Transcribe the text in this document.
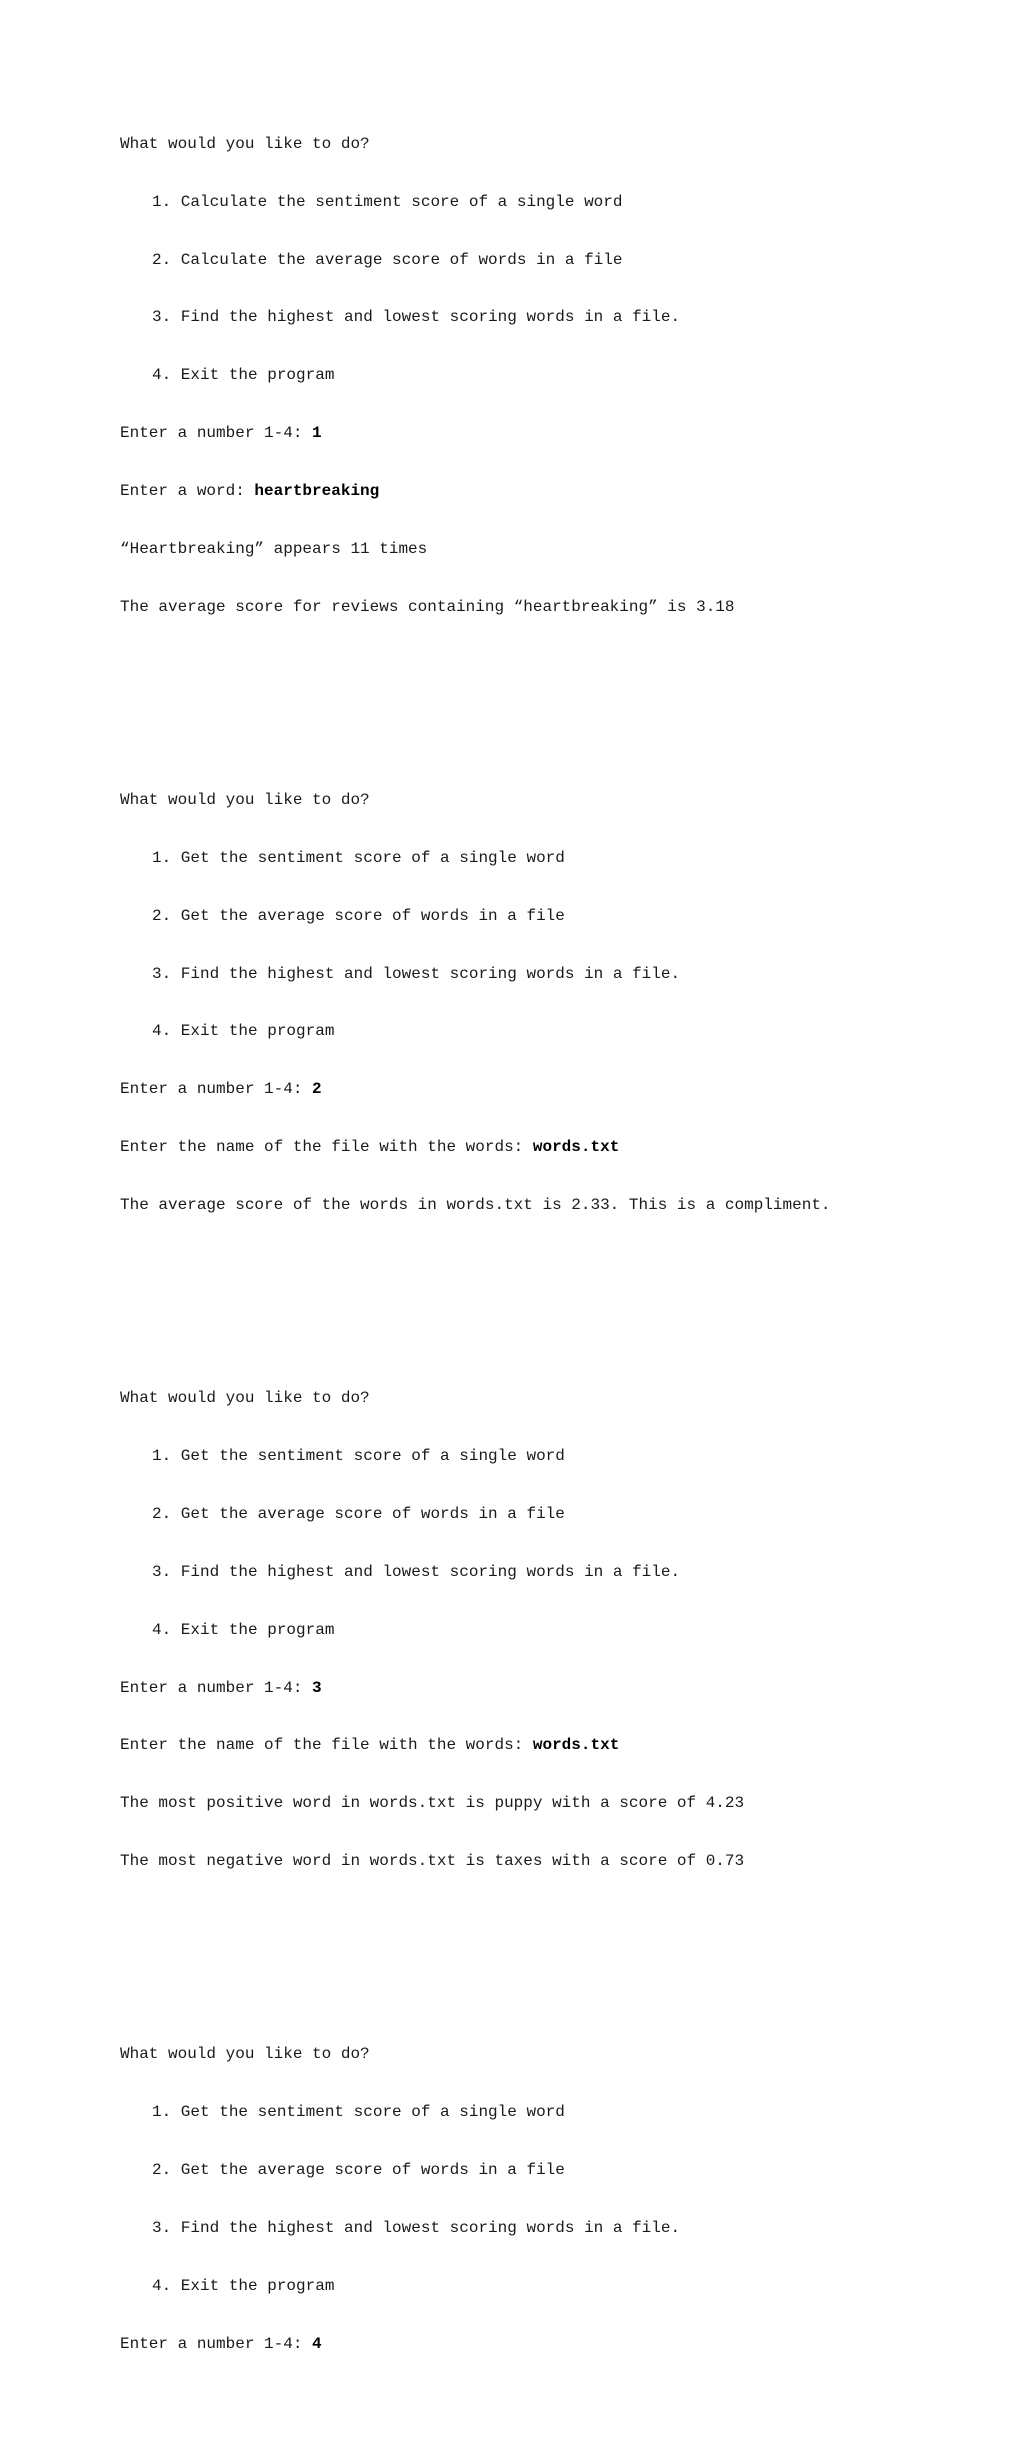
What would you like to do?

1. Calculate the sentiment score of a single word

2. Calculate the average score of words in a file

3. Find the highest and lowest scoring words in a file.

4. Exit the program

Enter a number 1-4: 1

Enter a word: heartbreaking

“Heartbreaking” appears 11 times

The average score for reviews containing “heartbreaking” is 3.18

What would you like to do?

1. Get the sentiment score of a single word

2. Get the average score of words in a file

3. Find the highest and lowest scoring words in a file.

4. Exit the program

Enter a number 1-4: 2

Enter the name of the file with the words: words.txt

The average score of the words in words.txt is 2.33. This is a compliment.

What would you like to do?

1. Get the sentiment score of a single word

2. Get the average score of words in a file

3. Find the highest and lowest scoring words in a file.

4. Exit the program

Enter a number 1-4: 3

Enter the name of the file with the words: words.txt

The most positive word in words.txt is puppy with a score of 4.23

The most negative word in words.txt is taxes with a score of 0.73

What would you like to do?

1. Get the sentiment score of a single word

2. Get the average score of words in a file

3. Find the highest and lowest scoring words in a file.

4. Exit the program

Enter a number 1-4: 4
